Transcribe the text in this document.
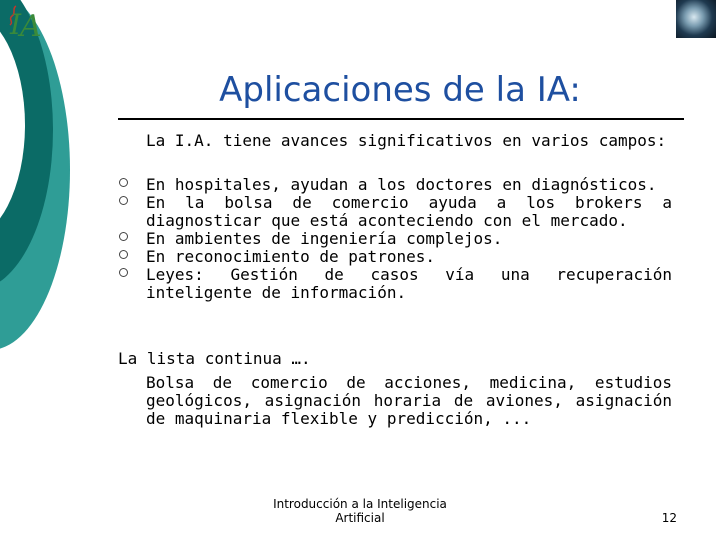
I
A
Aplicaciones de la IA:
La I.A. tiene avances significativos en varios campos:
En hospitales, ayudan a los doctores en diagnósticos.
En la bolsa de comercio ayuda a los brokers a diagnosticar que está aconteciendo con el mercado.
En ambientes de ingeniería complejos.
En reconocimiento de patrones.
Leyes: Gestión de casos vía una recuperación inteligente de información.
La lista continua ….
Bolsa de comercio de acciones, medicina, estudios geológicos, asignación horaria de aviones, asignación de maquinaria flexible y predicción, ...
Introducción a la Inteligencia
Artificial	12
